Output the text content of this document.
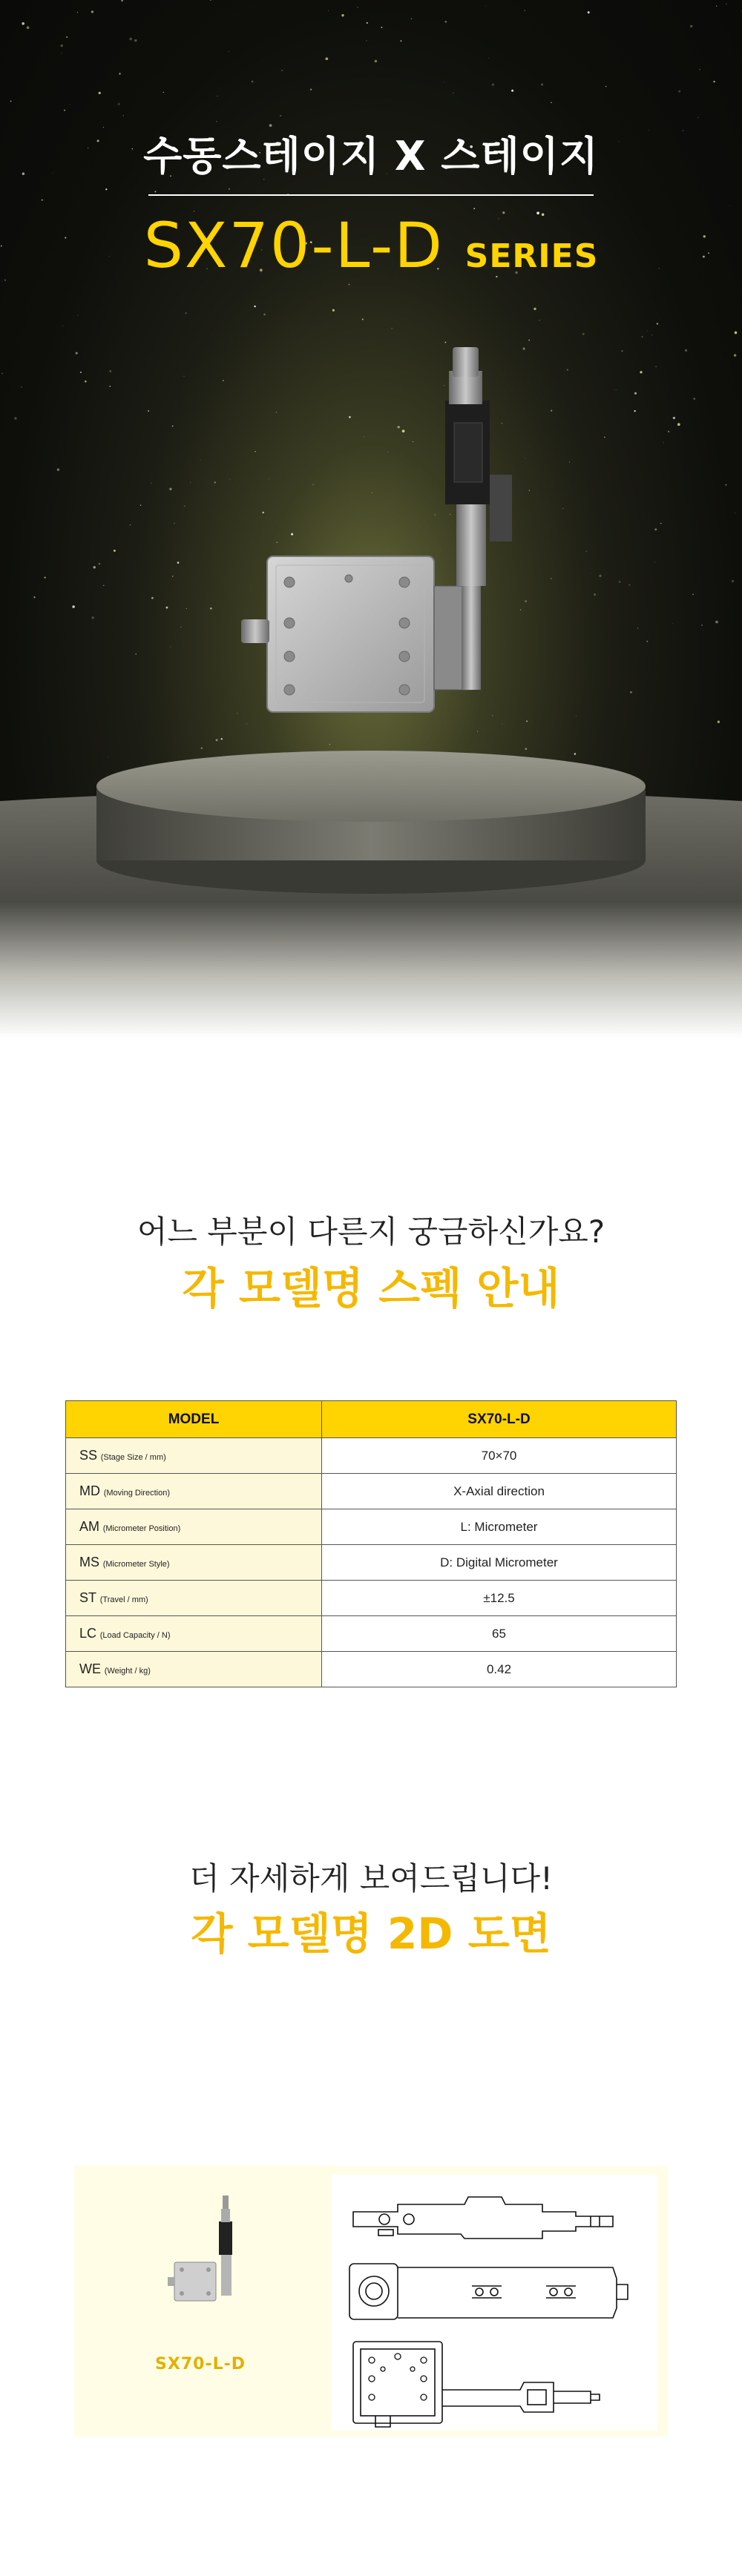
수동스테이지 X 스테이지
SX70-L-D SERIES
어느 부분이 다른지 궁금하신가요?
각 모델명 스펙 안내
MODEL	SX70-L-D
SS (Stage Size / mm)	70×70
MD (Moving Direction)	X-Axial direction
AM (Micrometer Position)	L: Micrometer
MS (Micrometer Style)	D: Digital Micrometer
ST (Travel / mm)	±12.5
LC (Load Capacity / N)	65
WE (Weight / kg)	0.42
더 자세하게 보여드립니다!
각 모델명 2D 도면
SX70-L-D
